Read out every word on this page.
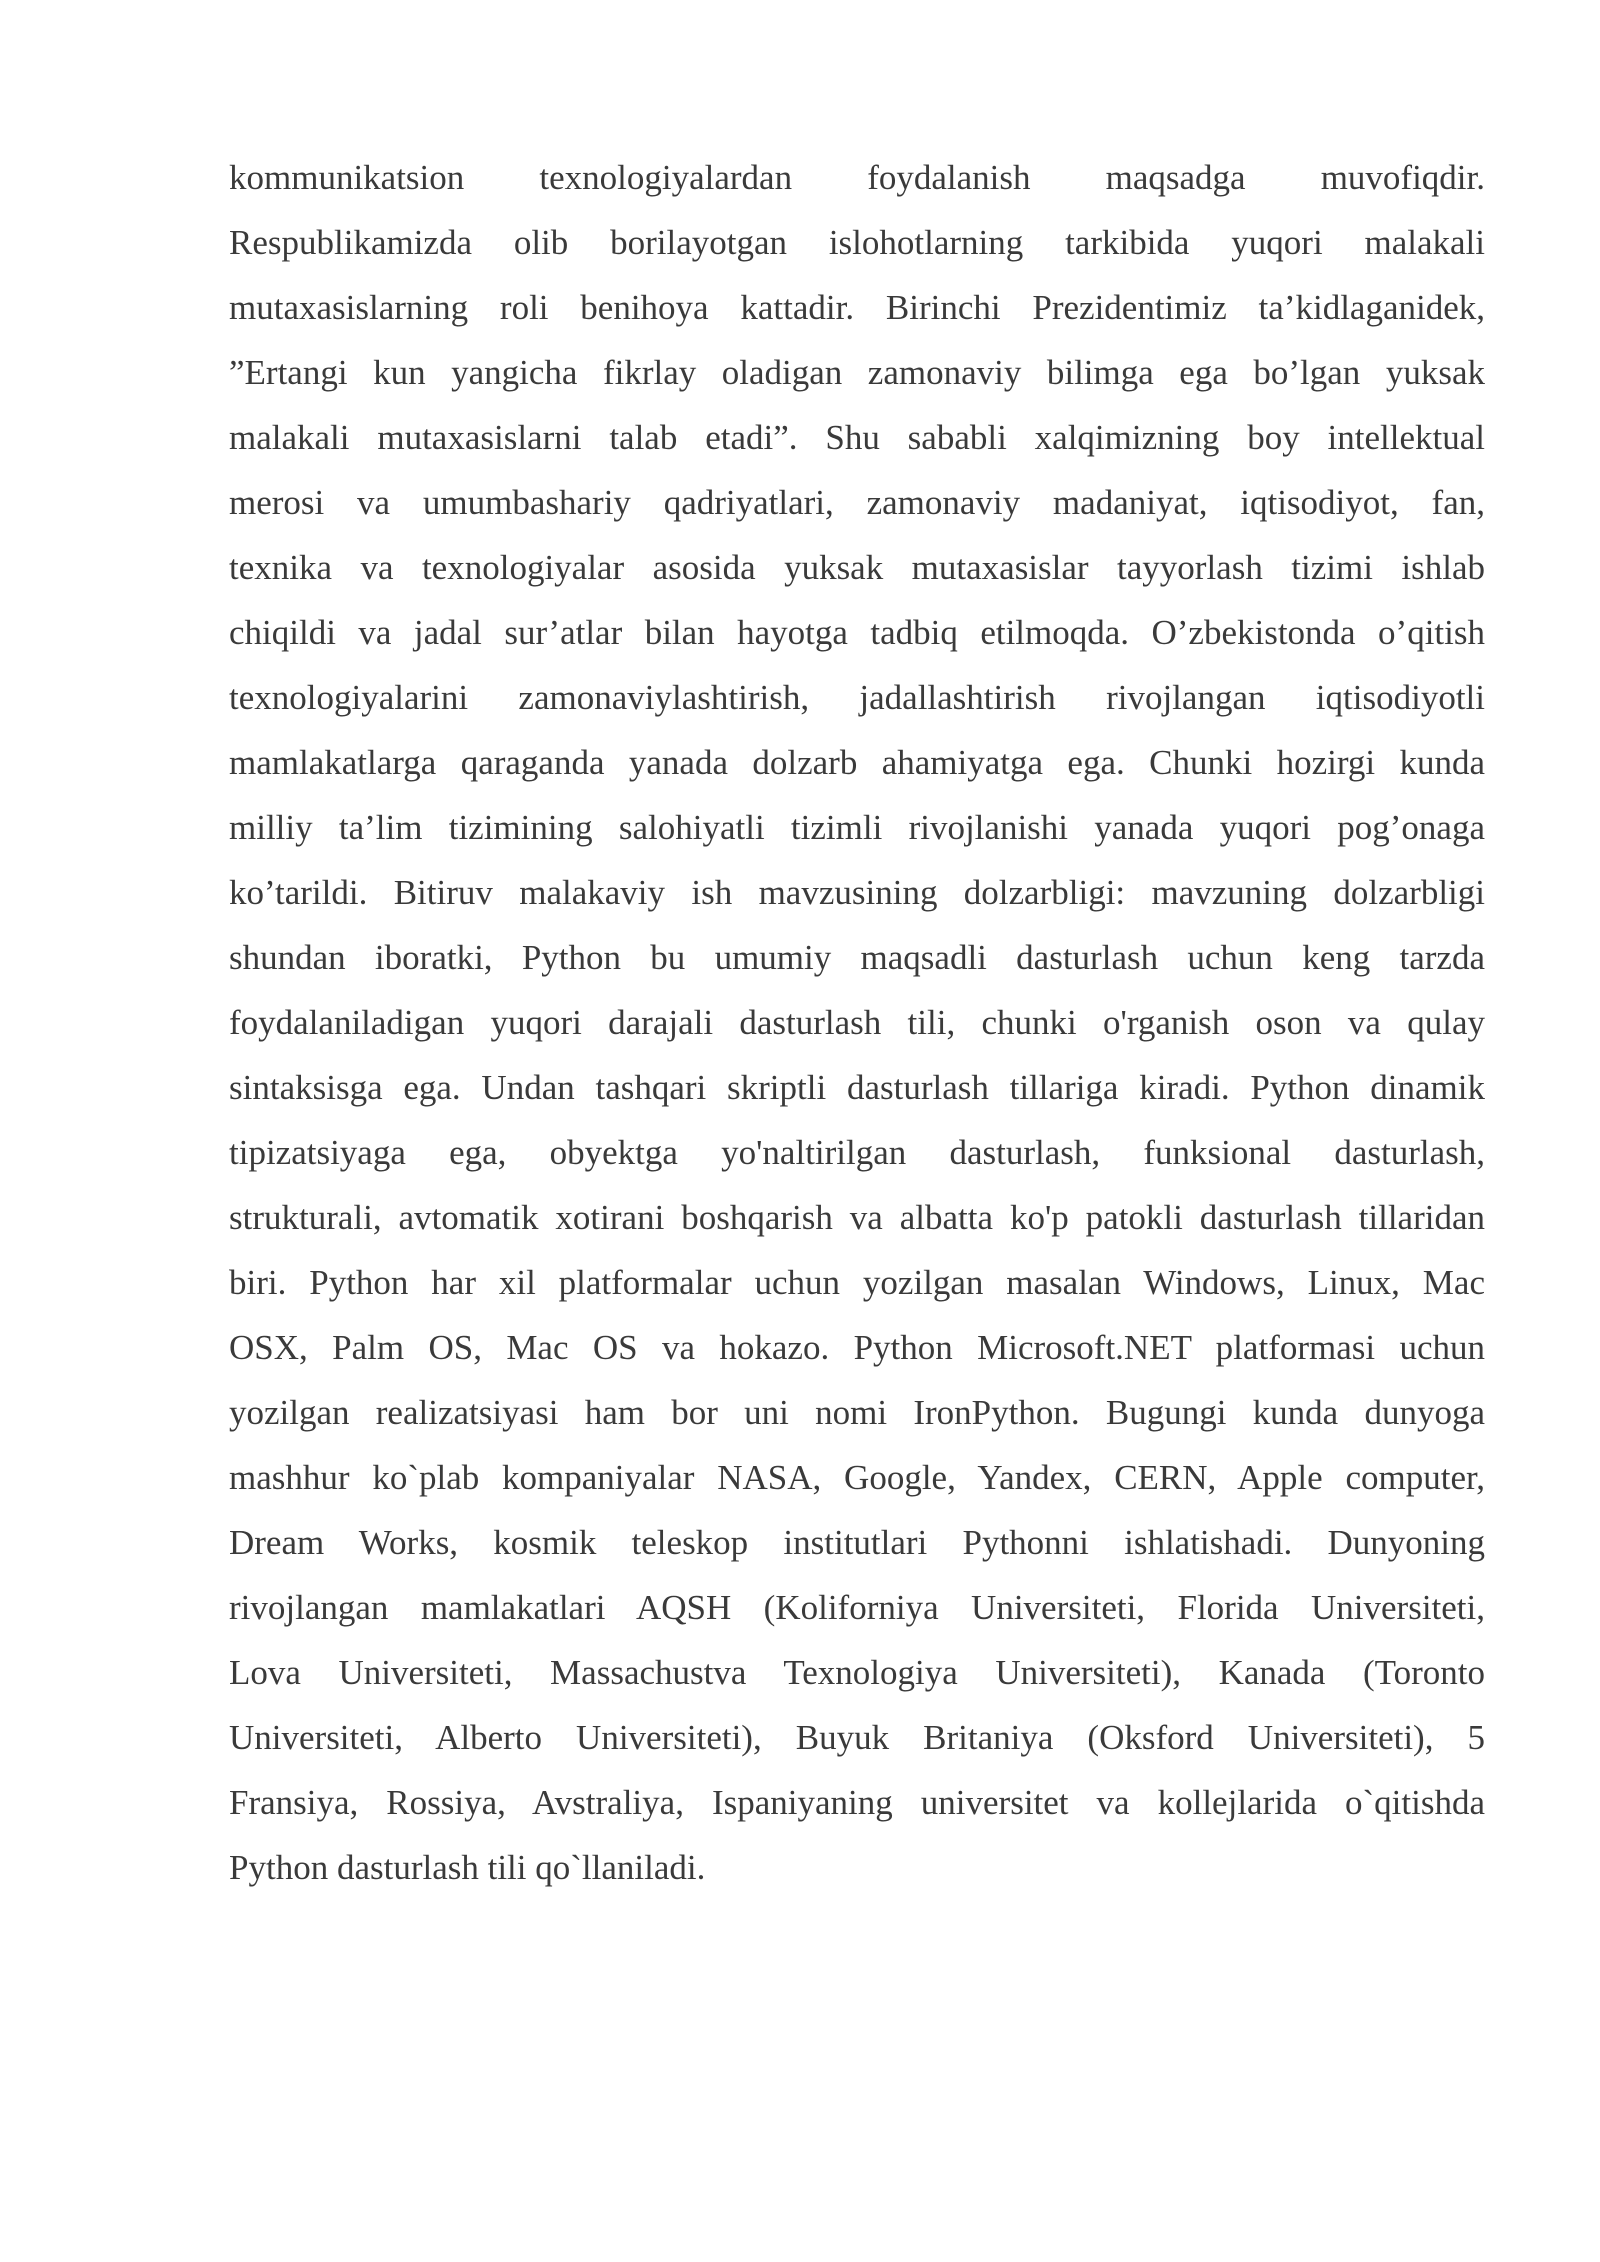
kommunikatsion texnologiyalardan foydalanish maqsadga muvofiqdir.
Respublikamizda olib borilayotgan islohotlarning tarkibida yuqori malakali
mutaxasislarning roli benihoya kattadir. Birinchi Prezidentimiz ta’kidlaganidek,
”Ertangi kun yangicha fikrlay oladigan zamonaviy bilimga ega bo’lgan yuksak
malakali mutaxasislarni talab etadi”. Shu sababli xalqimizning boy intellektual
merosi va umumbashariy qadriyatlari, zamonaviy madaniyat, iqtisodiyot, fan,
texnika va texnologiyalar asosida yuksak mutaxasislar tayyorlash tizimi ishlab
chiqildi va jadal sur’atlar bilan hayotga tadbiq etilmoqda. O’zbekistonda o’qitish
texnologiyalarini zamonaviylashtirish, jadallashtirish rivojlangan iqtisodiyotli
mamlakatlarga qaraganda yanada dolzarb ahamiyatga ega. Chunki hozirgi kunda
milliy ta’lim tizimining salohiyatli tizimli rivojlanishi yanada yuqori pog’onaga
ko’tarildi. Bitiruv malakaviy ish mavzusining dolzarbligi: mavzuning dolzarbligi
shundan iboratki, Python bu umumiy maqsadli dasturlash uchun keng tarzda
foydalaniladigan yuqori darajali dasturlash tili, chunki o'rganish oson va qulay
sintaksisga ega. Undan tashqari skriptli dasturlash tillariga kiradi. Python dinamik
tipizatsiyaga ega, obyektga yo'naltirilgan dasturlash, funksional dasturlash,
strukturali, avtomatik xotirani boshqarish va albatta ko'p patokli dasturlash tillaridan
biri. Python har xil platformalar uchun yozilgan masalan Windows, Linux, Mac
OSX, Palm OS, Mac OS va hokazo. Python Microsoft.NET platformasi uchun
yozilgan realizatsiyasi ham bor uni nomi IronPython. Bugungi kunda dunyoga
mashhur ko`plab kompaniyalar NASA, Google, Yandex, CERN, Apple computer,
Dream Works, kosmik teleskop institutlari Pythonni ishlatishadi. Dunyoning
rivojlangan mamlakatlari AQSH (Koliforniya Universiteti, Florida Universiteti,
Lova Universiteti, Massachustva Texnologiya Universiteti), Kanada (Toronto
Universiteti, Alberto Universiteti), Buyuk Britaniya (Oksford Universiteti), 5
Fransiya, Rossiya, Avstraliya, Ispaniyaning universitet va kollejlarida o`qitishda
Python dasturlash tili qo`llaniladi.
